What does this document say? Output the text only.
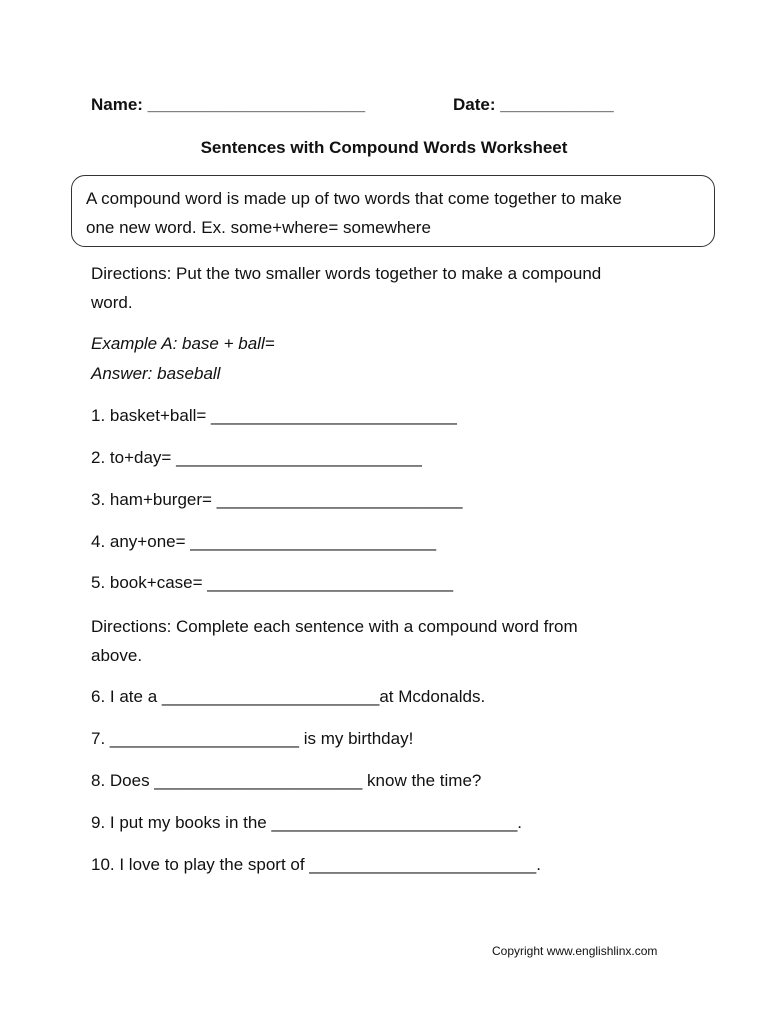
Name: _______________________	Date: ____________
Sentences with Compound Words Worksheet
A compound word is made up of two words that come together to make
one new word. Ex. some+where= somewhere
Directions: Put the two smaller words together to make a compound
word.
Example A: base + ball=
Answer: baseball
1. basket+ball= __________________________
2. to+day= __________________________
3. ham+burger= __________________________
4. any+one= __________________________
5. book+case= __________________________
Directions: Complete each sentence with a compound word from
above.
6. I ate a _______________________at Mcdonalds.
7. ____________________ is my birthday!
8. Does ______________________ know the time?
9. I put my books in the __________________________.
10. I love to play the sport of ________________________.
Copyright www.englishlinx.com
